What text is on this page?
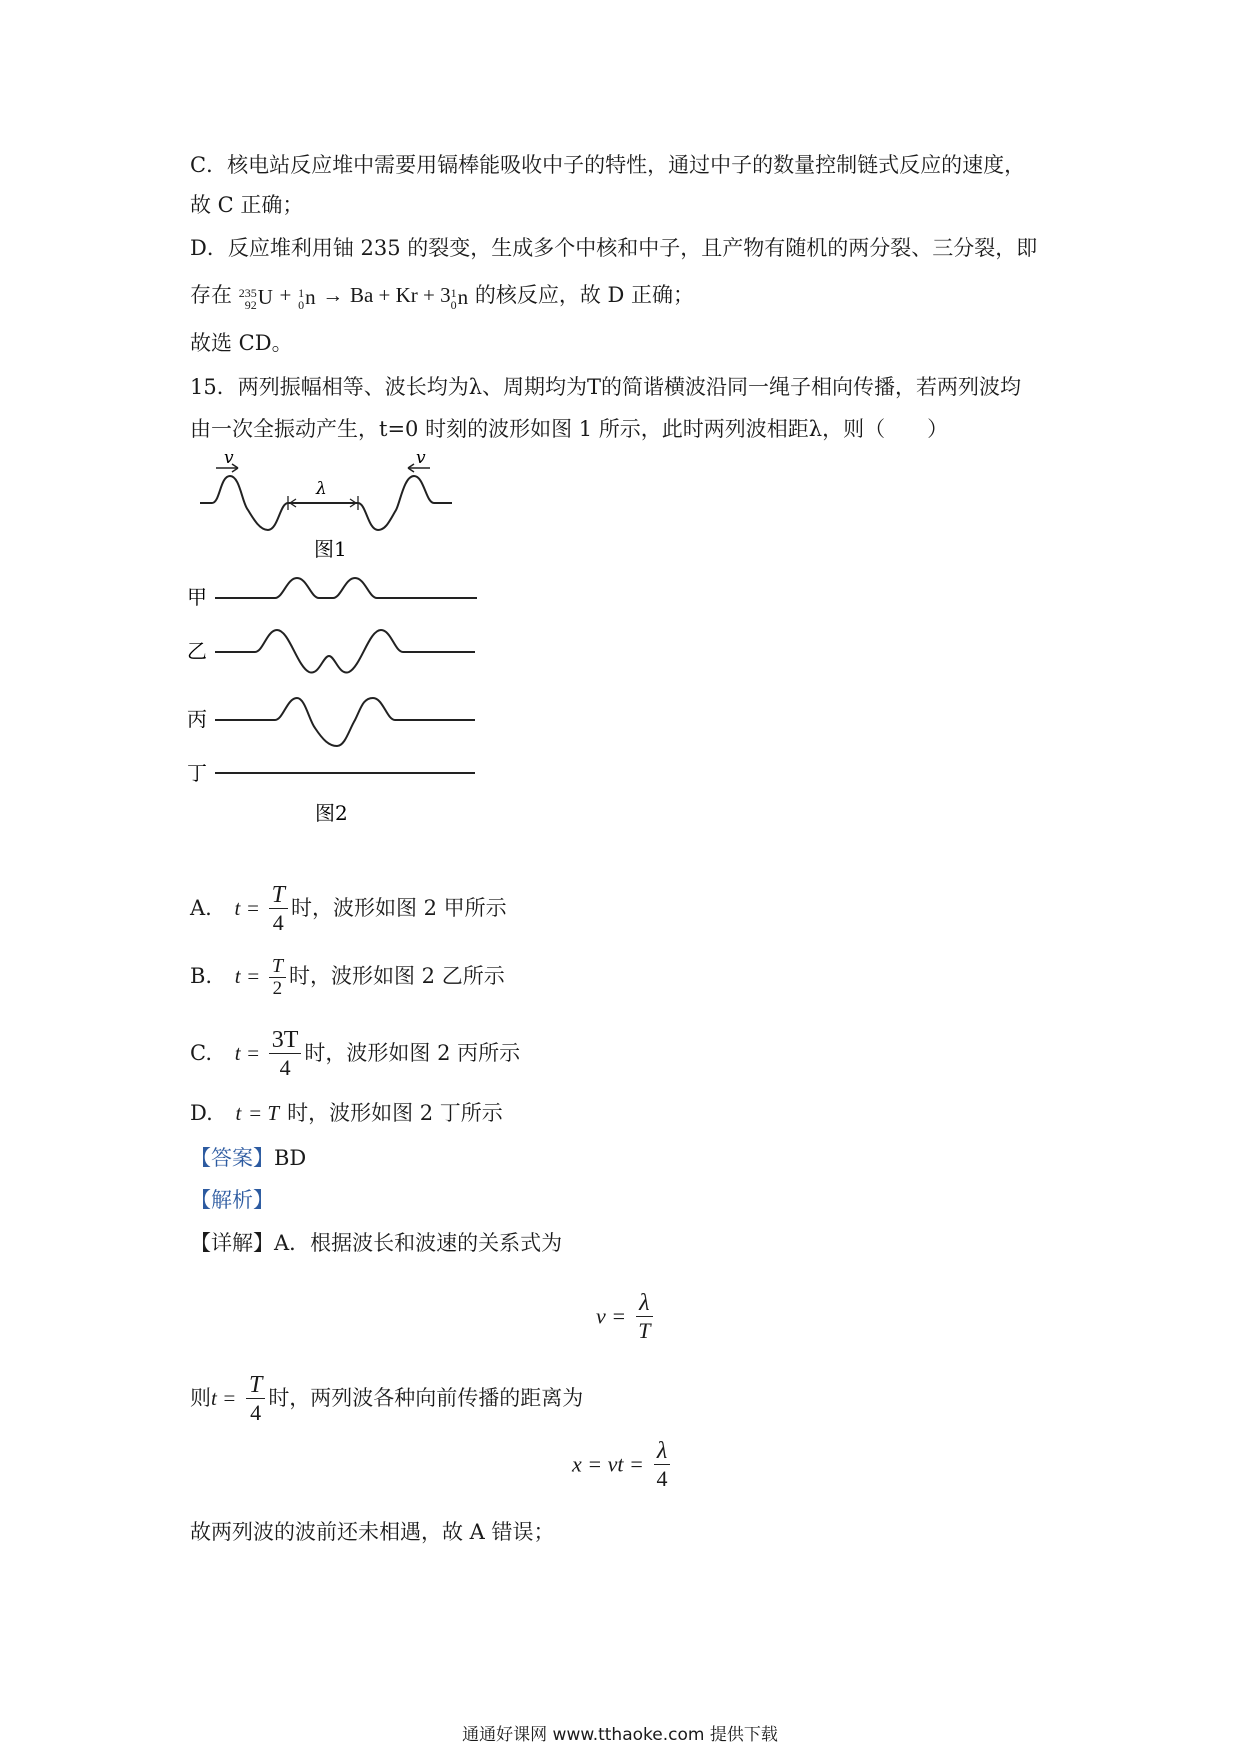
C．核电站反应堆中需要用镉棒能吸收中子的特性，通过中子的数量控制链式反应的速度，
故 C 正确；
D．反应堆利用铀 235 的裂变，生成多个中核和中子，且产物有随机的两分裂、三分裂，即
存在 235
92 U + 1
0 n → Ba + Kr + 3 1
0 n 的核反应，故 D 正确；
故选 CD。
15．两列振幅相等、波长均为λ、周期均为T的简谐横波沿同一绳子相向传播，若两列波均
由一次全振动产生，t=0 时刻的波形如图 1 所示，此时两列波相距λ，则（　　）
v	v
λ
图1
甲
乙
丙
丁
图2
A. $t = \frac{T}{4}$ 时，波形如图 2 甲所示
B. $t = \frac{T}{2}$ 时，波形如图 2 乙所示
C. $t = \frac{3T}{4}$ 时，波形如图 2 丙所示
D. t = T 时，波形如图 2 丁所示
【答案】BD
【解析】
【详解】A．根据波长和波速的关系式为
$v = \frac{\lambda}{T}$
则$t = \frac{T}{4}$ 时，两列波各种向前传播的距离为
x = vt = $\frac{\lambda}{4}$
故两列波的波前还未相遇，故 A 错误；
通通好课网 www.tthaoke.com 提供下载
